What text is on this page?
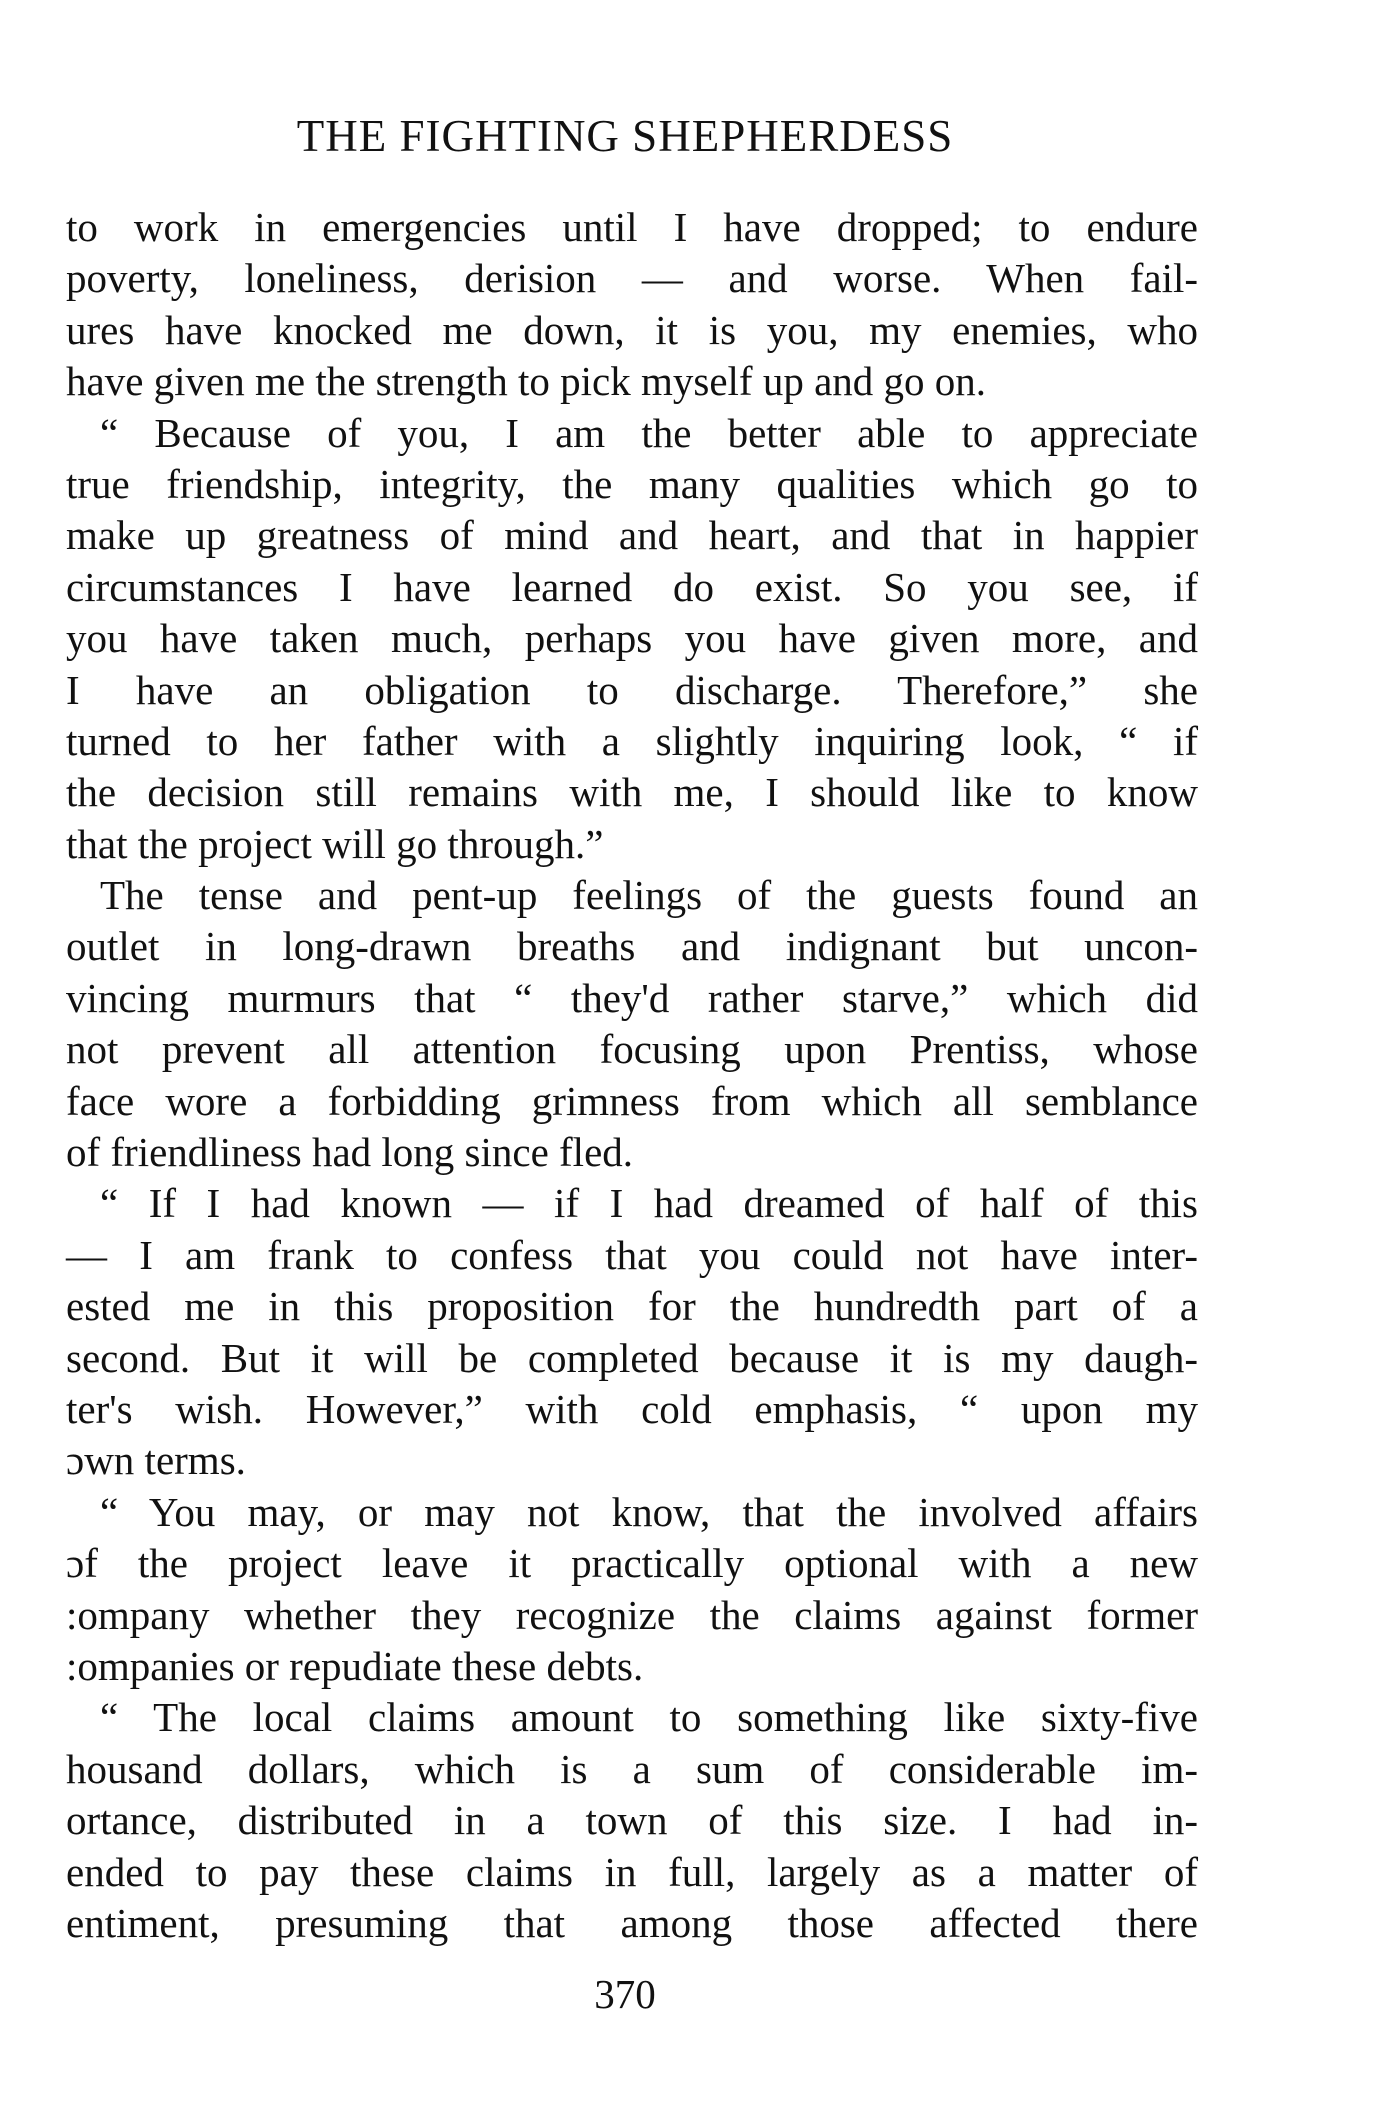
THE FIGHTING SHEPHERDESS
to work in emergencies until I have dropped; to endure
poverty, loneliness, derision — and worse. When fail-
ures have knocked me down, it is you, my enemies, who
have given me the strength to pick myself up and go on.
“ Because of you, I am the better able to appreciate
true friendship, integrity, the many qualities which go to
make up greatness of mind and heart, and that in happier
circumstances I have learned do exist. So you see, if
you have taken much, perhaps you have given more, and
I have an obligation to discharge. Therefore,” she
turned to her father with a slightly inquiring look, “ if
the decision still remains with me, I should like to know
that the project will go through.”
The tense and pent-up feelings of the guests found an
outlet in long-drawn breaths and indignant but uncon-
vincing murmurs that “ they'd rather starve,” which did
not prevent all attention focusing upon Prentiss, whose
face wore a forbidding grimness from which all semblance
of friendliness had long since fled.
“ If I had known — if I had dreamed of half of this
— I am frank to confess that you could not have inter-
ested me in this proposition for the hundredth part of a
second. But it will be completed because it is my daugh-
ter's wish. However,” with cold emphasis, “ upon my
ɔwn terms.
“ You may, or may not know, that the involved affairs
ɔf the project leave it practically optional with a new
:ompany whether they recognize the claims against former
:ompanies or repudiate these debts.
“ The local claims amount to something like sixty-five
housand dollars, which is a sum of considerable im-
ortance, distributed in a town of this size. I had in-
ended to pay these claims in full, largely as a matter of
entiment, presuming that among those affected there
370
